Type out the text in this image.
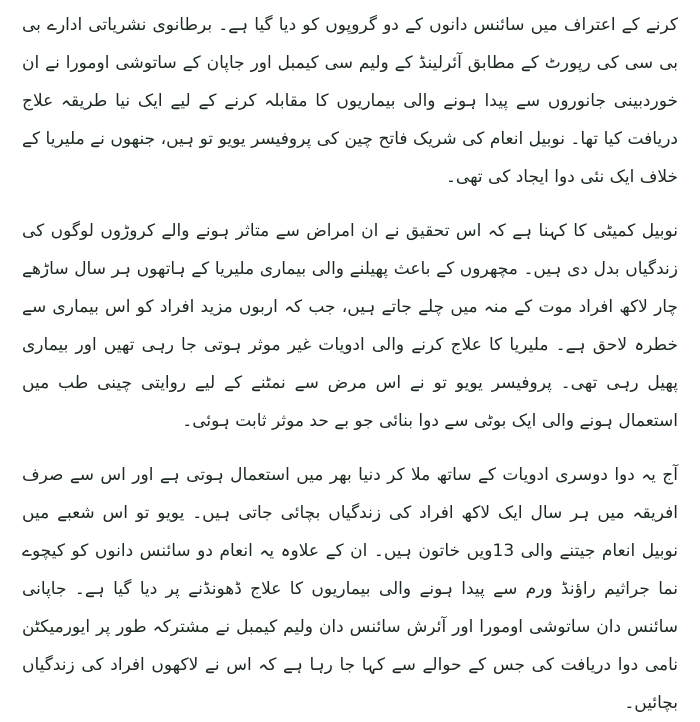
کرنے کے اعتراف میں سائنس دانوں کے دو گروپوں کو دیا گیا ہے۔ برطانوی نشریاتی ادارے بی بی سی کی رپورٹ کے مطابق آئرلینڈ کے ولیم سی کیمبل اور جاپان کے ساتوشی اومورا نے ان خوردبینی جانوروں سے پیدا ہونے والی بیماریوں کا مقابلہ کرنے کے لیے ایک نیا طریقہ علاج دریافت کیا تھا۔ نوبیل انعام کی شریک فاتح چین کی پروفیسر یویو تو ہیں، جنھوں نے ملیریا کے خلاف ایک نئی دوا ایجاد کی تھی۔

نوبیل کمیٹی کا کہنا ہے کہ اس تحقیق نے ان امراض سے متاثر ہونے والے کروڑوں لوگوں کی زندگیاں بدل دی ہیں۔ مچھروں کے باعث پھیلنے والی بیماری ملیریا کے ہاتھوں ہر سال ساڑھے چار لاکھ افراد موت کے منہ میں چلے جاتے ہیں، جب کہ اربوں مزید افراد کو اس بیماری سے خطرہ لاحق ہے۔ ملیریا کا علاج کرنے والی ادویات غیر موثر ہوتی جا رہی تھیں اور بیماری پھیل رہی تھی۔ پروفیسر یویو تو نے اس مرض سے نمٹنے کے لیے روایتی چینی طب میں استعمال ہونے والی ایک بوٹی سے دوا بنائی جو بے حد موثر ثابت ہوئی۔

آج یہ دوا دوسری ادویات کے ساتھ ملا کر دنیا بھر میں استعمال ہوتی ہے اور اس سے صرف افریقہ میں ہر سال ایک لاکھ افراد کی زندگیاں بچائی جاتی ہیں۔ یویو تو اس شعبے میں نوبیل انعام جیتنے والی 13ویں خاتون ہیں۔ ان کے علاوہ یہ انعام دو سائنس دانوں کو کیچوے نما جراثیم راؤنڈ ورم سے پیدا ہونے والی بیماریوں کا علاج ڈھونڈنے پر دیا گیا ہے۔ جاپانی سائنس دان ساتوشی اومورا اور آئرش سائنس دان ولیم کیمبل نے مشترکہ طور پر ایورمیکٹن نامی دوا دریافت کی جس کے حوالے سے کہا جا رہا ہے کہ اس نے لاکھوں افراد کی زندگیاں بچائیں۔
